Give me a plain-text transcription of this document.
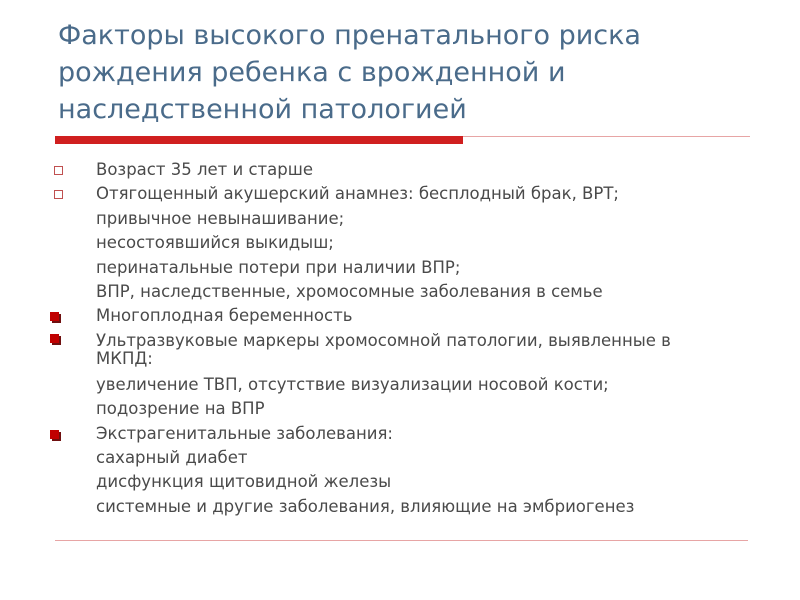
Факторы высокого пренатального риска
рождения ребенка с врожденной и
наследственной патологией
Возраст 35 лет и старше
Отягощенный акушерский анамнез: бесплодный брак, ВРТ;
привычное невынашивание;
несостоявшийся выкидыш;
перинатальные потери при наличии ВПР;
ВПР, наследственные, хромосомные заболевания в семье
Многоплодная беременность
Ультразвуковые маркеры хромосомной патологии, выявленные в МКПД:
увеличение ТВП, отсутствие визуализации носовой кости;
подозрение на ВПР
Экстрагенитальные заболевания:
сахарный диабет
дисфункция щитовидной железы
системные и другие заболевания, влияющие на эмбриогенез
